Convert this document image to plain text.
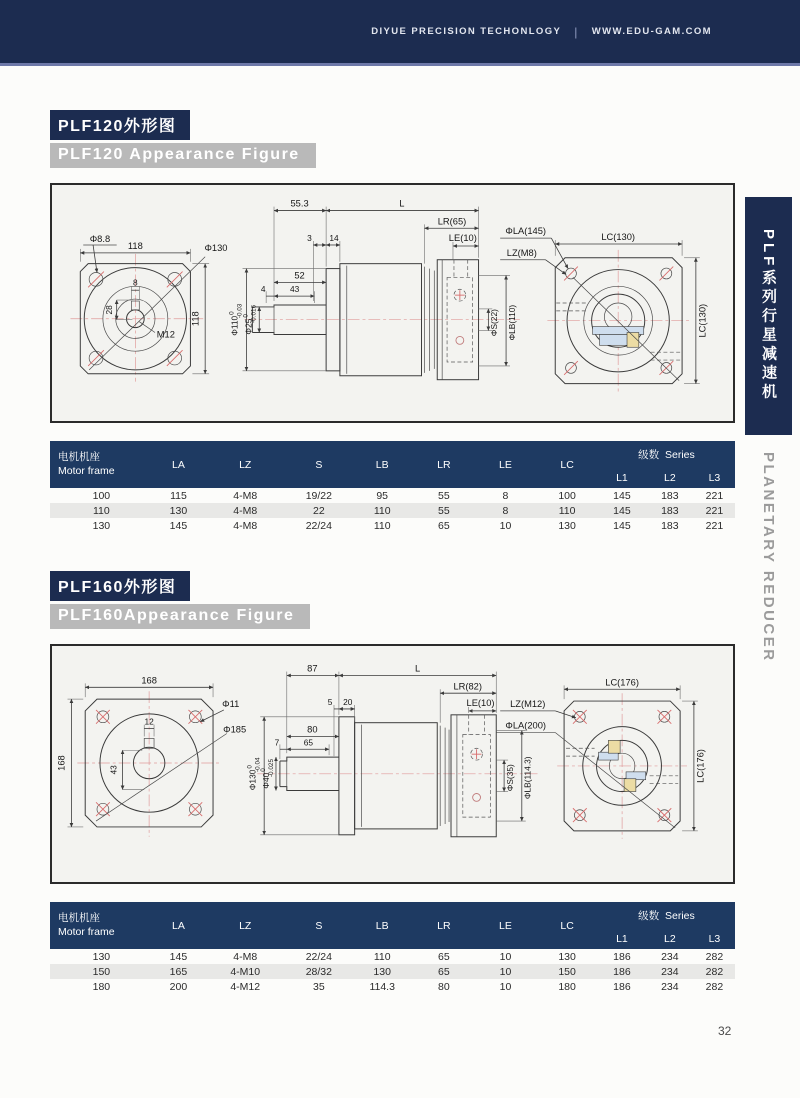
DIYUE PRECISION TECHONLOGY | WWW.EDU-GAM.COM
PLF120外形图
PLF120 Appearance Figure
118
118
Φ8.8
Φ130
8
28
M12
55.3	L
LR(65)
LE(10)
3 14
52
4	43
$\Phi 110^0-0.03$
$\Phi 25^0-0.016$	ΦS(22) ΦLB(110)
LC(130)
LC(130)
ΦLA(145)
LZ(M8)
电机机座
Motor frame	LA	LZ	S	LB	LR	LE	LC	级数 Series		
								L1	L2	L3
100	115	4-M8	19/22	95	55	8	100	145	183	221
110	130	4-M8	22	110	55	8	110	145	183	221
130	145	4-M8	22/24	110	65	10	130	145	183	221
PLF160外形图
PLF160Appearance Figure
168
168
Φ11
Φ185
12
43
87	L
LR(82)
LE(10)
5 20
80
7	65
$\Phi 130^0-0.04$
$\Phi 40^0-0.025$	ΦS(35) ΦLB(114.3)
LC(176)
LC(176)
LZ(M12)
ΦLA(200)
电机机座
Motor frame	LA	LZ	S	LB	LR	LE	LC	级数 Series		
								L1	L2	L3
130	145	4-M8	22/24	110	65	10	130	186	234	282
150	165	4-M10	28/32	130	65	10	150	186	234	282
180	200	4-M12	35	114.3	80	10	180	186	234	282
PLF系列行星减速机
PLANETARY REDUCER
32
